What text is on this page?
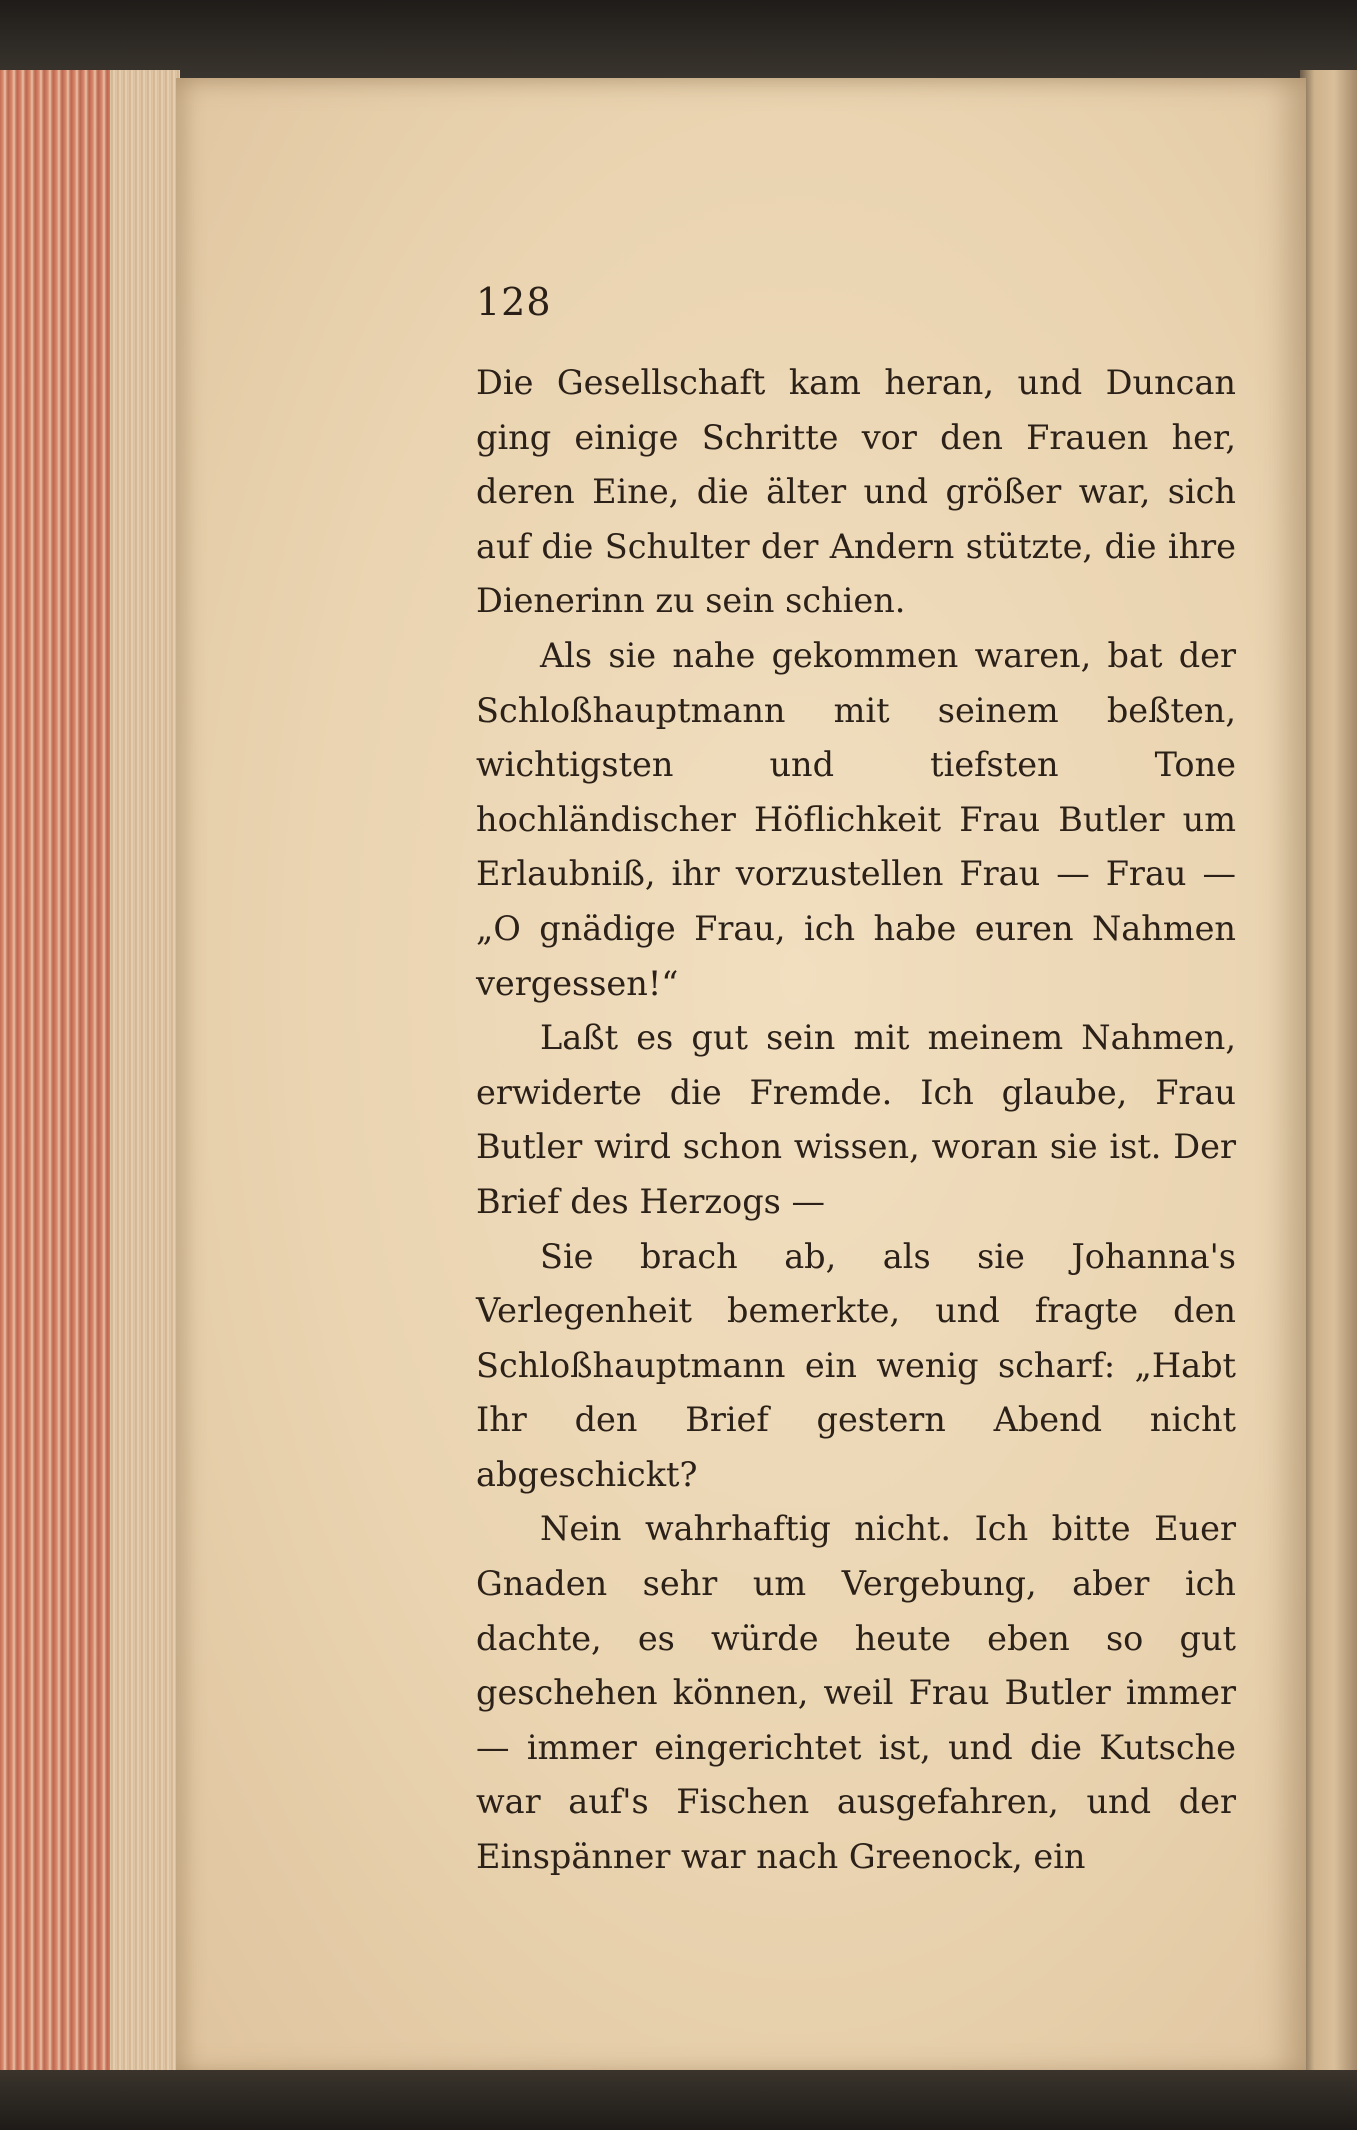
128

Die Gesellschaft kam heran, und Duncan ging einige Schritte vor den Frauen her, deren Eine, die älter und größer war, sich auf die Schulter der Andern stützte, die ihre Dienerinn zu sein schien.

Als sie nahe gekommen waren, bat der Schloßhauptmann mit seinem beßten, wichtigsten und tiefsten Tone hochländischer Höflichkeit Frau Butler um Erlaubniß, ihr vorzustellen Frau — Frau — „O gnädige Frau, ich habe euren Nahmen vergessen!“

Laßt es gut sein mit meinem Nahmen, erwiderte die Fremde. Ich glaube, Frau Butler wird schon wissen, woran sie ist. Der Brief des Herzogs —

Sie brach ab, als sie Johanna's Verlegenheit bemerkte, und fragte den Schloßhauptmann ein wenig scharf: „Habt Ihr den Brief gestern Abend nicht abgeschickt?

Nein wahrhaftig nicht. Ich bitte Euer Gnaden sehr um Vergebung, aber ich dachte, es würde heute eben so gut geschehen können, weil Frau Butler immer — immer eingerichtet ist, und die Kutsche war auf's Fischen ausgefahren, und der Einspänner war nach Greenock, ein
